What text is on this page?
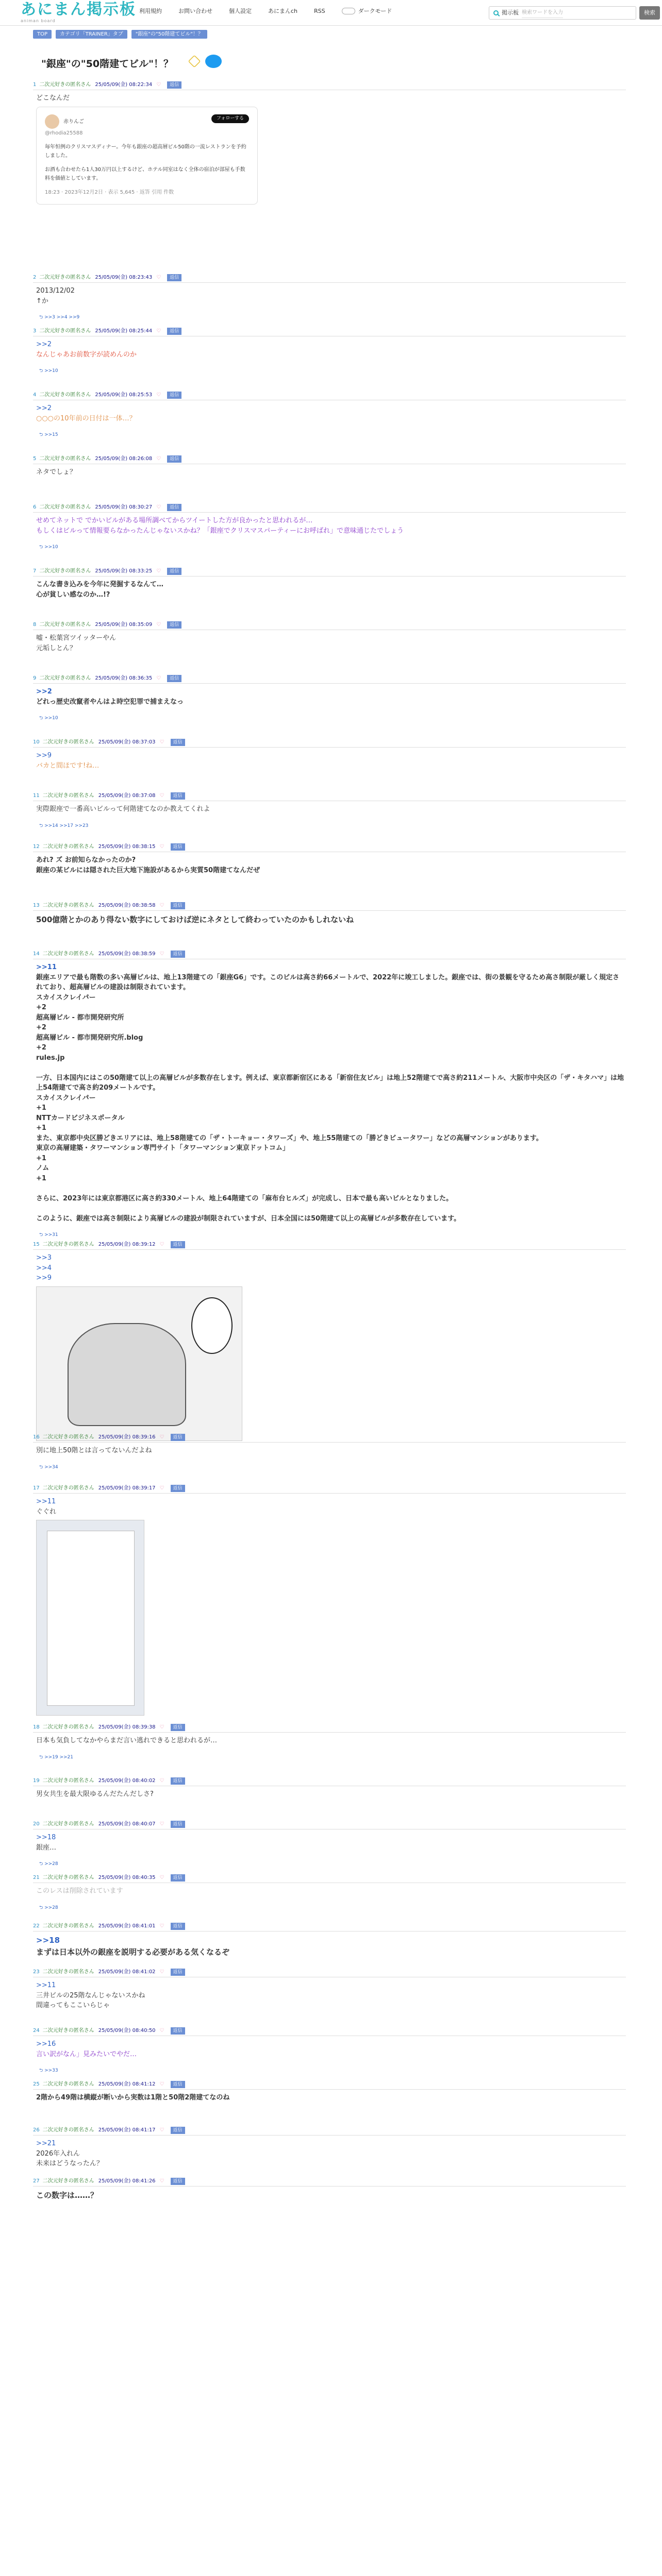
あにまん掲示板
animan board
利用規約	お問い合わせ	個人設定	あにまんch	RSS	ダークモード	掲示板 検索ワードを入力	検索
TOP	カテゴリ「TRAINER」タブ	"銀座"の"50階建てビル"！？
"銀座"の"50階建てビル"！？
1 二次元好きの匿名さん 25/05/09(金) 08:22:34 ♡ 返信

どこなんだ

赤りんご
フォローする
@rhodia25588

毎年恒例のクリスマスディナー。今年も銀座の超高層ビル50階の一流レストランを予約しました。

お酒も合わせたら1人30万円以上するけど、ホテル同室はなく全体の宿泊が部屋も手数料を価値としています。

18:23 · 2023年12月2日 · 表示 5,645 · 返答 引用 件数

2 二次元好きの匿名さん 25/05/09(金) 08:23:43 ♡ 返信

2013/12/02

↑か

⮌ >>3 >>4 >>9
3 二次元好きの匿名さん 25/05/09(金) 08:25:44 ♡ 返信

>>2

なんじゃあお前数字が読めんのか

⮌ >>10
4 二次元好きの匿名さん 25/05/09(金) 08:25:53 ♡ 返信

>>2

○○○の10年前の日付は一体…？

⮌ >>15
5 二次元好きの匿名さん 25/05/09(金) 08:26:08 ♡ 返信

ネタでしょ？

6 二次元好きの匿名さん 25/05/09(金) 08:30:27 ♡ 返信

せめてネットで でかいビルがある場所調べてからツイートした方が良かったと思われるが…

もしくはビルって情報要らなかったんじゃないスかね？「銀座でクリスマスパーティーにお呼ばれ」で意味通じたでしょう

⮌ >>10
7 二次元好きの匿名さん 25/05/09(金) 08:33:25 ♡ 返信

こんな書き込みを今年に発掘するなんて…

心が貧しい感なのか…!?

8 二次元好きの匿名さん 25/05/09(金) 08:35:09 ♡ 返信

嘘・松葉宮ツイッターやん

元垢しとん？

9 二次元好きの匿名さん 25/05/09(金) 08:36:35 ♡ 返信

>>2

どれっ歴史改竄者やんはよ時空犯罪で捕まえなっ

⮌ >>10
10 二次元好きの匿名さん 25/05/09(金) 08:37:03 ♡ 返信

>>9

バカと間ほです!ね…

11 二次元好きの匿名さん 25/05/09(金) 08:37:08 ♡ 返信

実際銀座で一番高いビルって何階建てなのか教えてくれよ

⮌ >>14 >>17 >>23
12 二次元好きの匿名さん 25/05/09(金) 08:38:15 ♡ 返信

あれ? ズ お前知らなかったのか?

銀座の某ビルには隠された巨大地下施設があるから実質50階建てなんだぜ

13 二次元好きの匿名さん 25/05/09(金) 08:38:58 ♡ 返信

500億階とかのあり得ない数字にしておけば逆にネタとして終わっていたのかもしれないね

14 二次元好きの匿名さん 25/05/09(金) 08:38:59 ♡ 返信

>>11

銀座エリアで最も階数の多い高層ビルは、地上13階建ての「銀座G6」です。このビルは高さ約66メートルで、2022年に竣工しました。銀座では、街の景観を守るため高さ制限が厳しく規定されており、超高層ビルの建設は制限されています。

スカイスクレイパー

+2

超高層ビル - 都市開発研究所

+2

超高層ビル - 都市開発研究所.blog

+2

rules.jp

一方、日本国内にはこの50階建て以上の高層ビルが多数存在します。例えば、東京都新宿区にある「新宿住友ビル」は地上52階建てで高さ約211メートル、大阪市中央区の「ザ・キタハマ」は地上54階建てで高さ約209メートルです。

スカイスクレイパー

+1

NTTカードビジネスポータル

+1

また、東京都中央区勝どきエリアには、地上58階建ての「ザ・トーキョー・タワーズ」や、地上55階建ての「勝どきビュータワー」などの高層マンションがあります。

東京の高層建築・タワーマンション専門サイト「タワーマンション東京ドットコム」

+1

ノム

+1

さらに、2023年には東京都港区に高さ約330メートル、地上64階建ての「麻布台ヒルズ」が完成し、日本で最も高いビルとなりました。

このように、銀座では高さ制限により高層ビルの建設が制限されていますが、日本全国には50階建て以上の高層ビルが多数存在しています。

⮌ >>31
15 二次元好きの匿名さん 25/05/09(金) 08:39:12 ♡ 返信

>>3

>>4

>>9

16 二次元好きの匿名さん 25/05/09(金) 08:39:16 ♡ 返信

別に地上50階とは言ってないんだよね

⮌ >>34
17 二次元好きの匿名さん 25/05/09(金) 08:39:17 ♡ 返信

>>11

ぐぐれ

18 二次元好きの匿名さん 25/05/09(金) 08:39:38 ♡ 返信

日本も気負してなかやらまだ言い逃れできると思われるが…

⮌ >>19 >>21
19 二次元好きの匿名さん 25/05/09(金) 08:40:02 ♡ 返信

男女共生を最大限ゆるんだたんだしさ?

20 二次元好きの匿名さん 25/05/09(金) 08:40:07 ♡ 返信

>>18

銀座…

⮌ >>28
21 二次元好きの匿名さん 25/05/09(金) 08:40:35 ♡ 返信

このレスは削除されています

⮌ >>28
22 二次元好きの匿名さん 25/05/09(金) 08:41:01 ♡ 返信

>>18

まずは日本以外の銀座を説明する必要がある気くなるぞ

23 二次元好きの匿名さん 25/05/09(金) 08:41:02 ♡ 返信

>>11

三井ビルの25階なんじゃないスかね

間違ってもここいらじゃ

24 二次元好きの匿名さん 25/05/09(金) 08:40:50 ♡ 返信

>>16

言い訳がなん」見みたいでやだ…

⮌ >>33
25 二次元好きの匿名さん 25/05/09(金) 08:41:12 ♡ 返信

2階から49階は横縦が断いから実数は1階と50階2階建てなのね

26 二次元好きの匿名さん 25/05/09(金) 08:41:17 ♡ 返信

>>21

2026年入れん

未来はどうなったん？

27 二次元好きの匿名さん 25/05/09(金) 08:41:26 ♡ 返信

この数字は……？
